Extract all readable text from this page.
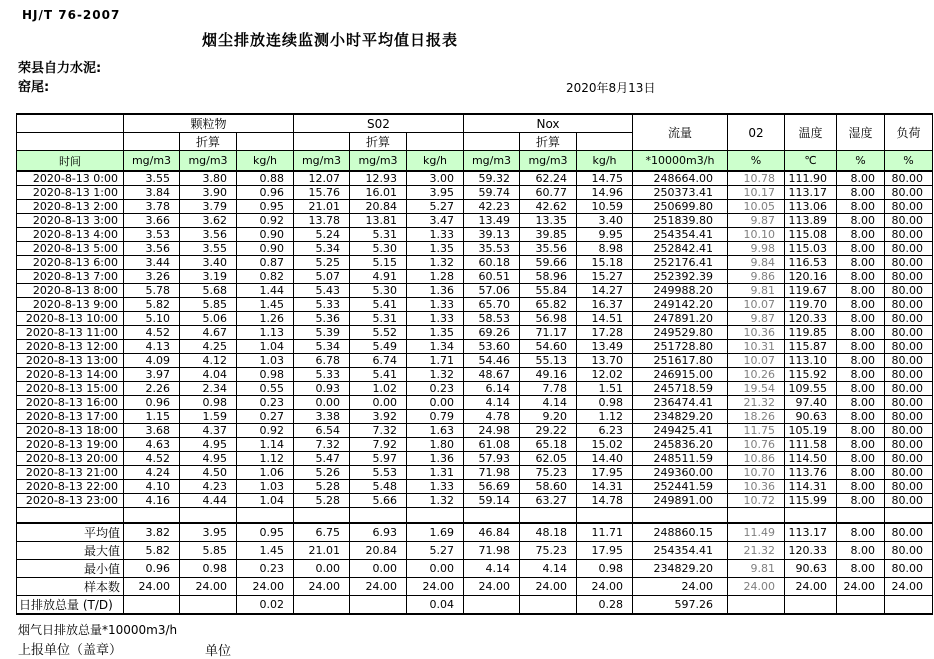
HJ/T 76-2007
烟尘排放连续监测小时平均值日报表
荣县自力水泥:
窑尾:	2020年8月13日
	颗粒物			S02			Nox			流量	02	温度	湿度	负荷
		折算			折算			折算						
时间	mg/m3	mg/m3	kg/h	mg/m3	mg/m3	kg/h	mg/m3	mg/m3	kg/h	*10000m3/h	%	℃	%	%
2020-8-13 0:00	3.55	3.80	0.88	12.07	12.93	3.00	59.32	62.24	14.75	248664.00	10.78	111.90	8.00	80.00
2020-8-13 1:00	3.84	3.90	0.96	15.76	16.01	3.95	59.74	60.77	14.96	250373.41	10.17	113.17	8.00	80.00
2020-8-13 2:00	3.78	3.79	0.95	21.01	20.84	5.27	42.23	42.62	10.59	250699.80	10.05	113.06	8.00	80.00
2020-8-13 3:00	3.66	3.62	0.92	13.78	13.81	3.47	13.49	13.35	3.40	251839.80	9.87	113.89	8.00	80.00
2020-8-13 4:00	3.53	3.56	0.90	5.24	5.31	1.33	39.13	39.85	9.95	254354.41	10.10	115.08	8.00	80.00
2020-8-13 5:00	3.56	3.55	0.90	5.34	5.30	1.35	35.53	35.56	8.98	252842.41	9.98	115.03	8.00	80.00
2020-8-13 6:00	3.44	3.40	0.87	5.25	5.15	1.32	60.18	59.66	15.18	252176.41	9.84	116.53	8.00	80.00
2020-8-13 7:00	3.26	3.19	0.82	5.07	4.91	1.28	60.51	58.96	15.27	252392.39	9.86	120.16	8.00	80.00
2020-8-13 8:00	5.78	5.68	1.44	5.43	5.30	1.36	57.06	55.84	14.27	249988.20	9.81	119.67	8.00	80.00
2020-8-13 9:00	5.82	5.85	1.45	5.33	5.41	1.33	65.70	65.82	16.37	249142.20	10.07	119.70	8.00	80.00
2020-8-13 10:00	5.10	5.06	1.26	5.36	5.31	1.33	58.53	56.98	14.51	247891.20	9.87	120.33	8.00	80.00
2020-8-13 11:00	4.52	4.67	1.13	5.39	5.52	1.35	69.26	71.17	17.28	249529.80	10.36	119.85	8.00	80.00
2020-8-13 12:00	4.13	4.25	1.04	5.34	5.49	1.34	53.60	54.60	13.49	251728.80	10.31	115.87	8.00	80.00
2020-8-13 13:00	4.09	4.12	1.03	6.78	6.74	1.71	54.46	55.13	13.70	251617.80	10.07	113.10	8.00	80.00
2020-8-13 14:00	3.97	4.04	0.98	5.33	5.41	1.32	48.67	49.16	12.02	246915.00	10.26	115.92	8.00	80.00
2020-8-13 15:00	2.26	2.34	0.55	0.93	1.02	0.23	6.14	7.78	1.51	245718.59	19.54	109.55	8.00	80.00
2020-8-13 16:00	0.96	0.98	0.23	0.00	0.00	0.00	4.14	4.14	0.98	236474.41	21.32	97.40	8.00	80.00
2020-8-13 17:00	1.15	1.59	0.27	3.38	3.92	0.79	4.78	9.20	1.12	234829.20	18.26	90.63	8.00	80.00
2020-8-13 18:00	3.68	4.37	0.92	6.54	7.32	1.63	24.98	29.22	6.23	249425.41	11.75	105.19	8.00	80.00
2020-8-13 19:00	4.63	4.95	1.14	7.32	7.92	1.80	61.08	65.18	15.02	245836.20	10.76	111.58	8.00	80.00
2020-8-13 20:00	4.52	4.95	1.12	5.47	5.97	1.36	57.93	62.05	14.40	248511.59	10.86	114.50	8.00	80.00
2020-8-13 21:00	4.24	4.50	1.06	5.26	5.53	1.31	71.98	75.23	17.95	249360.00	10.70	113.76	8.00	80.00
2020-8-13 22:00	4.10	4.23	1.03	5.28	5.48	1.33	56.69	58.60	14.31	252441.59	10.36	114.31	8.00	80.00
2020-8-13 23:00	4.16	4.44	1.04	5.28	5.66	1.32	59.14	63.27	14.78	249891.00	10.72	115.99	8.00	80.00

平均值	3.82	3.95	0.95	6.75	6.93	1.69	46.84	48.18	11.71	248860.15	11.49	113.17	8.00	80.00
最大值	5.82	5.85	1.45	21.01	20.84	5.27	71.98	75.23	17.95	254354.41	21.32	120.33	8.00	80.00
最小值	0.96	0.98	0.23	0.00	0.00	0.00	4.14	4.14	0.98	234829.20	9.81	90.63	8.00	80.00
样本数	24.00	24.00	24.00	24.00	24.00	24.00	24.00	24.00	24.00	24.00	24.00	24.00	24.00	24.00
日排放总量 (T/D)			0.02			0.04			0.28	597.26				
烟气日排放总量*10000m3/h
上报单位（盖章）	单位
